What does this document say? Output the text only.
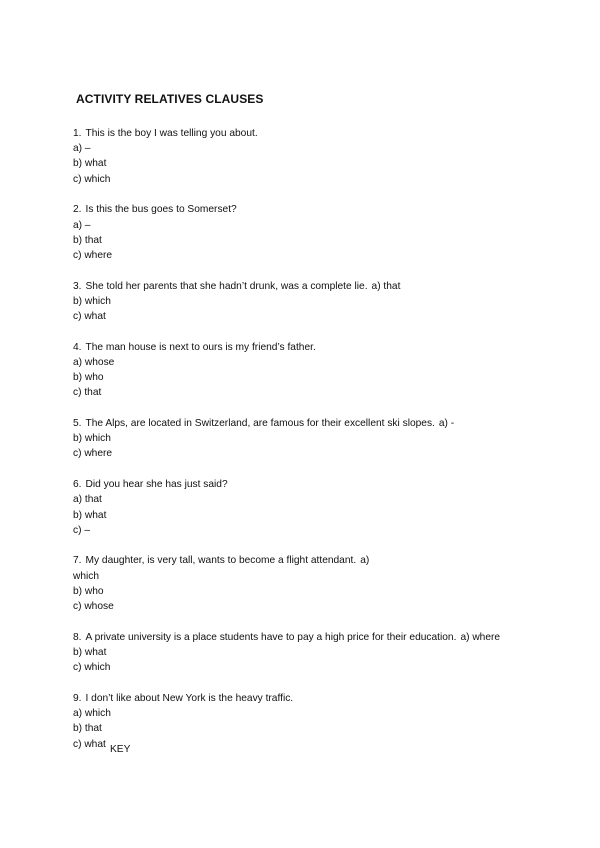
ACTIVITY RELATIVES CLAUSES
1. This is the boy I was telling you about.
a) –
b) what
c) which
2. Is this the bus goes to Somerset?
a) –
b) that
c) where
3. She told her parents that she hadn’t drunk, was a complete lie. a) that
b) which
c) what
4. The man house is next to ours is my friend’s father.
a) whose
b) who
c) that
5. The Alps, are located in Switzerland, are famous for their excellent ski slopes. a) -
b) which
c) where
6. Did you hear she has just said?
a) that
b) what
c) –
7. My daughter, is very tall, wants to become a flight attendant. a)
which
b) who
c) whose
8. A private university is a place students have to pay a high price for their education. a) where
b) what
c) which
9. I don’t like about New York is the heavy traffic.
a) which
b) that
c) what KEY
